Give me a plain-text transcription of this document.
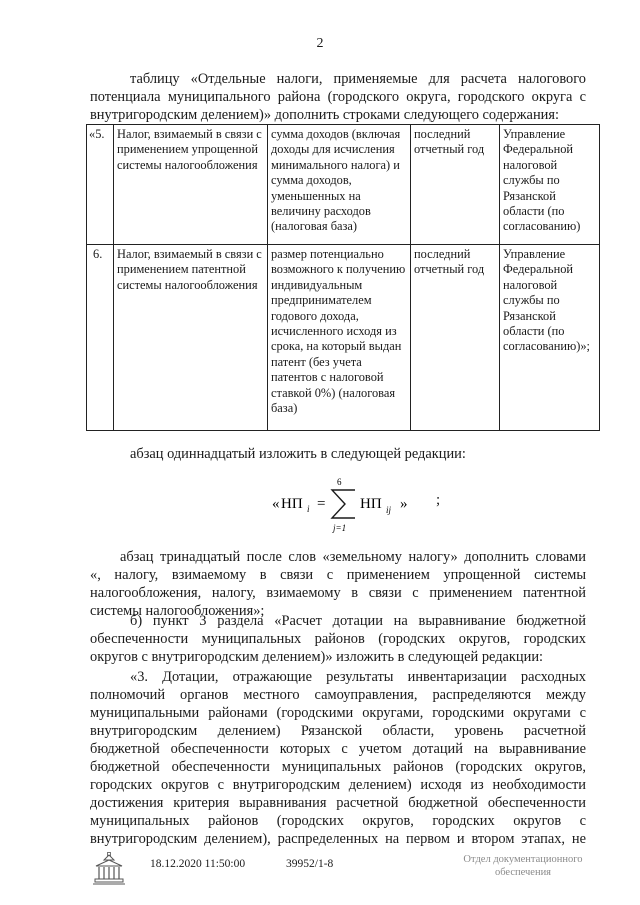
2
таблицу «Отдельные налоги, применяемые для расчета налогового
потенциала муниципального района (городского округа, городского округа с
внутригородским делением)» дополнить строками следующего содержания:
«5.	Налог, взимаемый в связи с применением упрощенной системы налогообложения	сумма доходов (включая доходы для исчисления минимального налога) и сумма доходов, уменьшенных на величину расходов (налоговая база)	последний отчетный год	Управление Федеральной налоговой службы по Рязанской области (по согласованию)
6.	Налог, взимаемый в связи с применением патентной системы налогообложения	размер потенциально возможного к получению индивидуальным предпринимателем годового дохода, исчисленного исходя из срока, на который выдан патент (без учета патентов с налоговой ставкой 0%) (налоговая база)	последний отчетный год	Управление Федеральной налоговой службы по Рязанской области (по согласованию)»;
абзац одиннадцатый изложить в следующей редакции:
« НП i =
6
j=1
НП ij » ;
абзац тринадцатый после слов «земельному налогу» дополнить словами
«, налогу, взимаемому в связи с применением упрощенной системы
налогообложения, налогу, взимаемому в связи с применением патентной
системы налогообложения»;
б) пункт 3 раздела «Расчет дотации на выравнивание бюджетной
обеспеченности муниципальных районов (городских округов, городских
округов с внутригородским делением)» изложить в следующей редакции:
«3. Дотации, отражающие результаты инвентаризации расходных
полномочий органов местного самоуправления, распределяются между
муниципальными районами (городскими округами, городскими округами с
внутригородским делением) Рязанской области, уровень расчетной
бюджетной обеспеченности которых с учетом дотаций на выравнивание
бюджетной обеспеченности муниципальных районов (городских округов,
городских округов с внутригородским делением) исходя из необходимости
достижения критерия выравнивания расчетной бюджетной обеспеченности
муниципальных районов (городских округов, городских округов с
внутригородским делением), распределенных на первом и втором этапах, не
18.12.2020 11:50:00	39952/1-8	Отдел документационного
обеспечения
